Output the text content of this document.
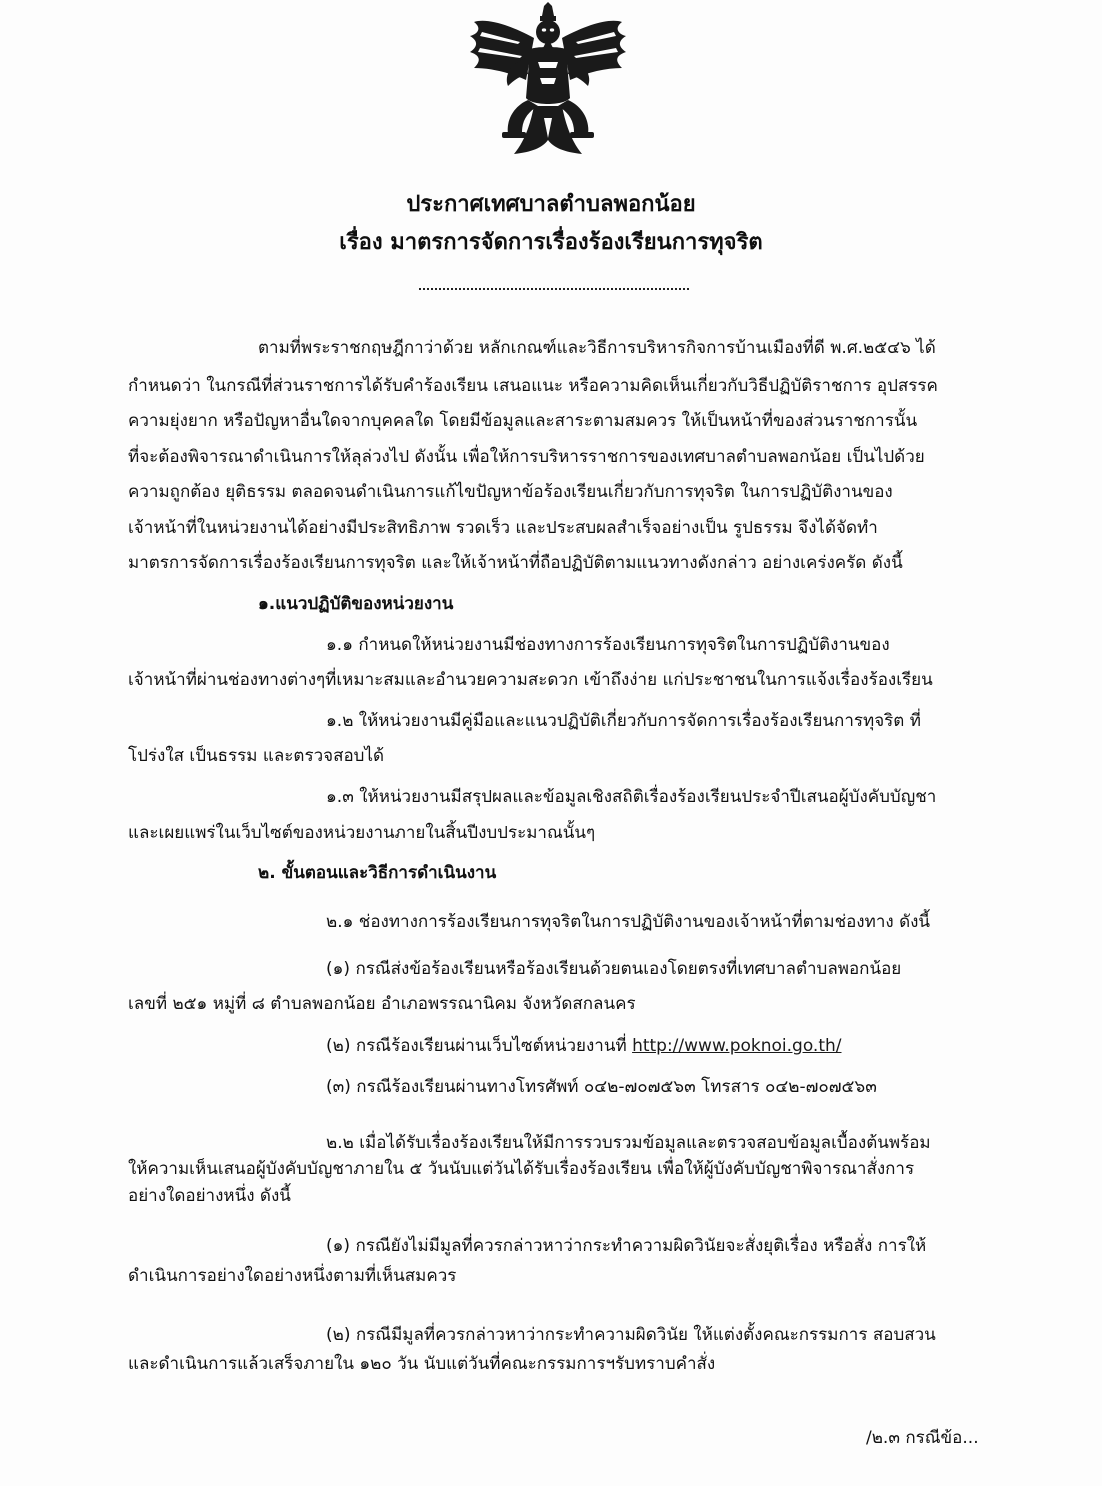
ประกาศเทศบาลตำบลพอกน้อย
เรื่อง มาตรการจัดการเรื่องร้องเรียนการทุจริต
ตามที่พระราชกฤษฎีกาว่าด้วย หลักเกณฑ์และวิธีการบริหารกิจการบ้านเมืองที่ดี พ.ศ.๒๕๔๖ ได้
กำหนดว่า ในกรณีที่ส่วนราชการได้รับคำร้องเรียน เสนอแนะ หรือความคิดเห็นเกี่ยวกับวิธีปฏิบัติราชการ อุปสรรค
ความยุ่งยาก หรือปัญหาอื่นใดจากบุคคลใด โดยมีข้อมูลและสาระตามสมควร ให้เป็นหน้าที่ของส่วนราชการนั้น
ที่จะต้องพิจารณาดำเนินการให้ลุล่วงไป ดังนั้น เพื่อให้การบริหารราชการของเทศบาลตำบลพอกน้อย เป็นไปด้วย
ความถูกต้อง ยุติธรรม ตลอดจนดำเนินการแก้ไขปัญหาข้อร้องเรียนเกี่ยวกับการทุจริต ในการปฏิบัติงานของ
เจ้าหน้าที่ในหน่วยงานได้อย่างมีประสิทธิภาพ รวดเร็ว และประสบผลสำเร็จอย่างเป็น รูปธรรม จึงได้จัดทำ
มาตรการจัดการเรื่องร้องเรียนการทุจริต และให้เจ้าหน้าที่ถือปฏิบัติตามแนวทางดังกล่าว อย่างเคร่งครัด ดังนี้
๑.แนวปฏิบัติของหน่วยงาน
๑.๑ กำหนดให้หน่วยงานมีช่องทางการร้องเรียนการทุจริตในการปฏิบัติงานของ
เจ้าหน้าที่ผ่านช่องทางต่างๆที่เหมาะสมและอำนวยความสะดวก เข้าถึงง่าย แก่ประชาชนในการแจ้งเรื่องร้องเรียน
๑.๒ ให้หน่วยงานมีคู่มือและแนวปฏิบัติเกี่ยวกับการจัดการเรื่องร้องเรียนการทุจริต ที่
โปร่งใส เป็นธรรม และตรวจสอบได้
๑.๓ ให้หน่วยงานมีสรุปผลและข้อมูลเชิงสถิติเรื่องร้องเรียนประจำปีเสนอผู้บังคับบัญชา
และเผยแพร่ในเว็บไซต์ของหน่วยงานภายในสิ้นปีงบประมาณนั้นๆ
๒. ขั้นตอนและวิธีการดำเนินงาน
๒.๑ ช่องทางการร้องเรียนการทุจริตในการปฏิบัติงานของเจ้าหน้าที่ตามช่องทาง ดังนี้
(๑) กรณีส่งข้อร้องเรียนหรือร้องเรียนด้วยตนเองโดยตรงที่เทศบาลตำบลพอกน้อย
เลขที่ ๒๕๑ หมู่ที่ ๘ ตำบลพอกน้อย อำเภอพรรณานิคม จังหวัดสกลนคร
(๒) กรณีร้องเรียนผ่านเว็บไซต์หน่วยงานที่ http://www.poknoi.go.th/
(๓) กรณีร้องเรียนผ่านทางโทรศัพท์ ๐๔๒-๗๐๗๕๖๓ โทรสาร ๐๔๒-๗๐๗๕๖๓
๒.๒ เมื่อได้รับเรื่องร้องเรียนให้มีการรวบรวมข้อมูลและตรวจสอบข้อมูลเบื้องต้นพร้อม
ให้ความเห็นเสนอผู้บังคับบัญชาภายใน ๕ วันนับแต่วันได้รับเรื่องร้องเรียน เพื่อให้ผู้บังคับบัญชาพิจารณาสั่งการ
อย่างใดอย่างหนึ่ง ดังนี้
(๑) กรณียังไม่มีมูลที่ควรกล่าวหาว่ากระทำความผิดวินัยจะสั่งยุติเรื่อง หรือสั่ง การให้
ดำเนินการอย่างใดอย่างหนึ่งตามที่เห็นสมควร
(๒) กรณีมีมูลที่ควรกล่าวหาว่ากระทำความผิดวินัย ให้แต่งตั้งคณะกรรมการ สอบสวน
และดำเนินการแล้วเสร็จภายใน ๑๒๐ วัน นับแต่วันที่คณะกรรมการฯรับทราบคำสั่ง
/๒.๓ กรณีข้อ...
